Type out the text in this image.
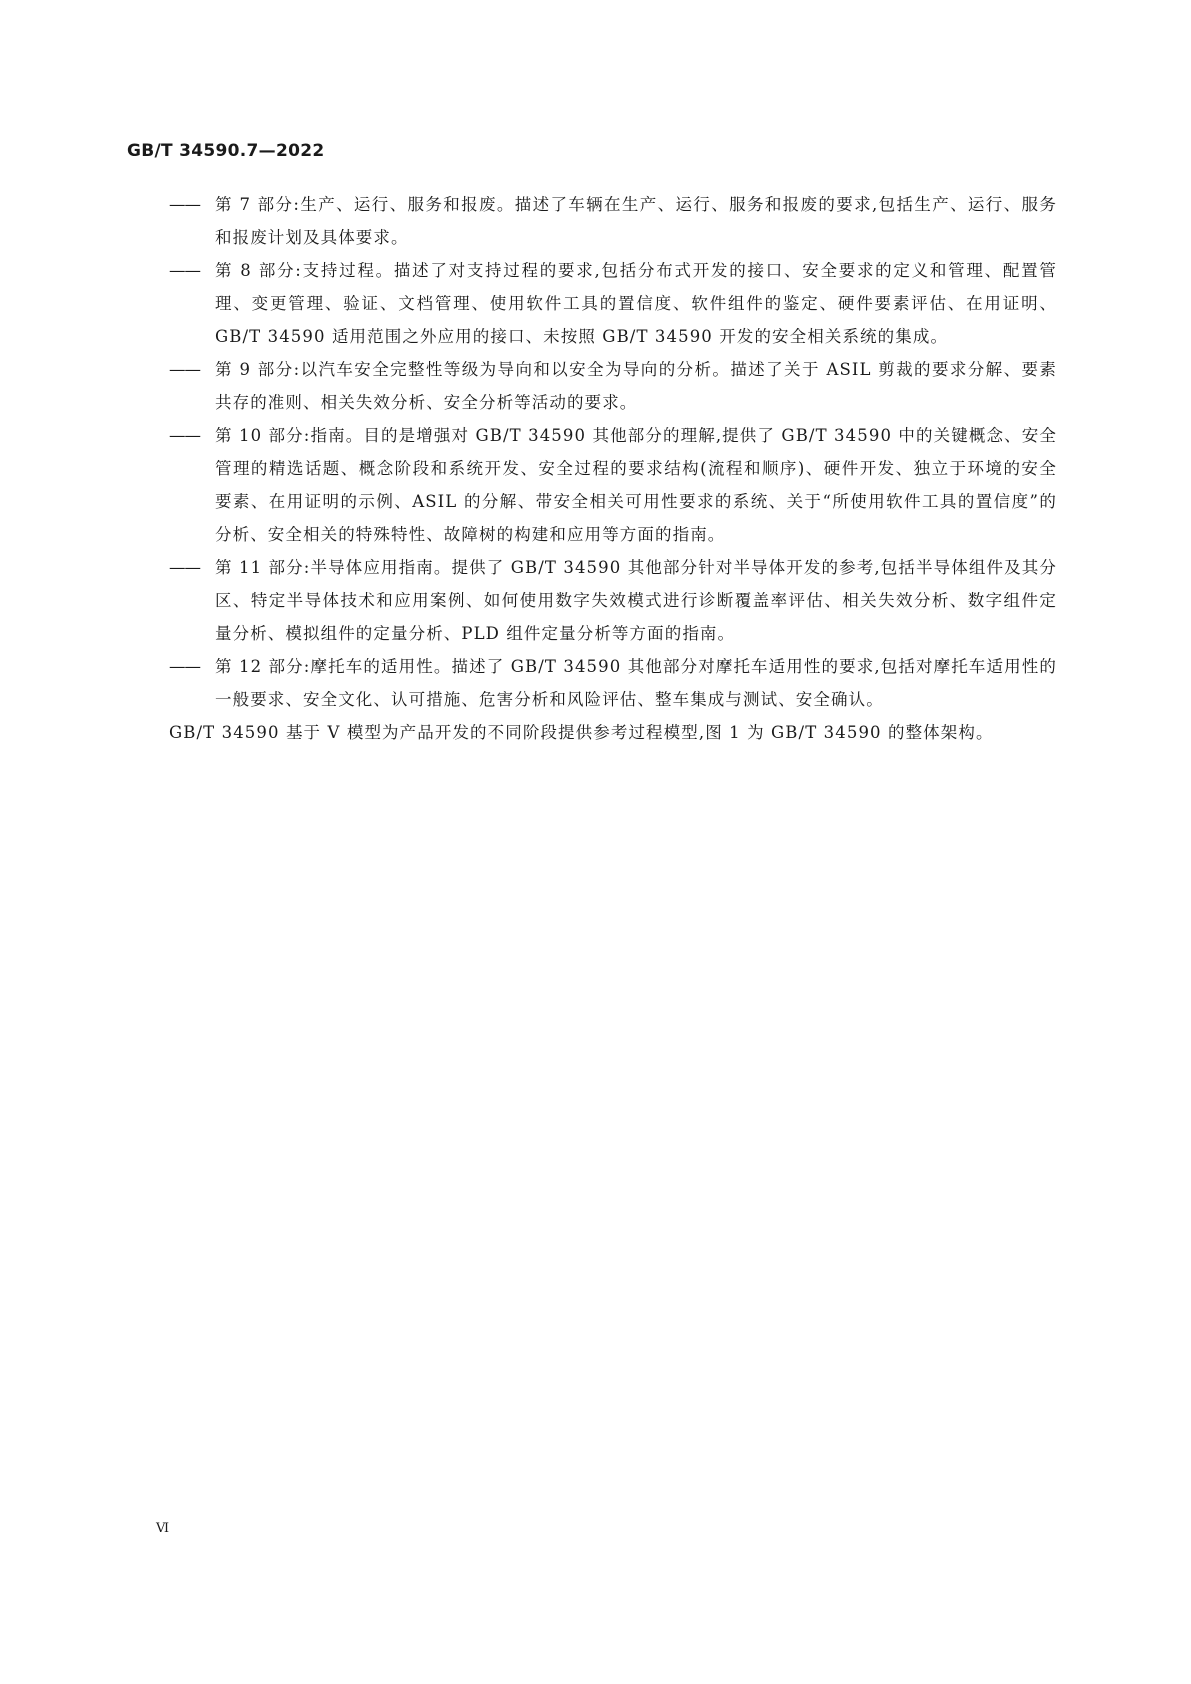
GB/T 34590.7—2022
—— 第 7 部分:生产、运行、服务和报废。描述了车辆在生产、运行、服务和报废的要求,包括生产、运行、服务和报废计划及具体要求。
—— 第 8 部分:支持过程。描述了对支持过程的要求,包括分布式开发的接口、安全要求的定义和管理、配置管理、变更管理、验证、文档管理、使用软件工具的置信度、软件组件的鉴定、硬件要素评估、在用证明、GB/T 34590 适用范围之外应用的接口、未按照 GB/T 34590 开发的安全相关系统的集成。
—— 第 9 部分:以汽车安全完整性等级为导向和以安全为导向的分析。描述了关于 ASIL 剪裁的要求分解、要素共存的准则、相关失效分析、安全分析等活动的要求。
—— 第 10 部分:指南。目的是增强对 GB/T 34590 其他部分的理解,提供了 GB/T 34590 中的关键概念、安全管理的精选话题、概念阶段和系统开发、安全过程的要求结构(流程和顺序)、硬件开发、独立于环境的安全要素、在用证明的示例、ASIL 的分解、带安全相关可用性要求的系统、关于“所使用软件工具的置信度”的分析、安全相关的特殊特性、故障树的构建和应用等方面的指南。
—— 第 11 部分:半导体应用指南。提供了 GB/T 34590 其他部分针对半导体开发的参考,包括半导体组件及其分区、特定半导体技术和应用案例、如何使用数字失效模式进行诊断覆盖率评估、相关失效分析、数字组件定量分析、模拟组件的定量分析、PLD 组件定量分析等方面的指南。
—— 第 12 部分:摩托车的适用性。描述了 GB/T 34590 其他部分对摩托车适用性的要求,包括对摩托车适用性的一般要求、安全文化、认可措施、危害分析和风险评估、整车集成与测试、安全确认。
GB/T 34590 基于 V 模型为产品开发的不同阶段提供参考过程模型,图 1 为 GB/T 34590 的整体架构。
Ⅵ
